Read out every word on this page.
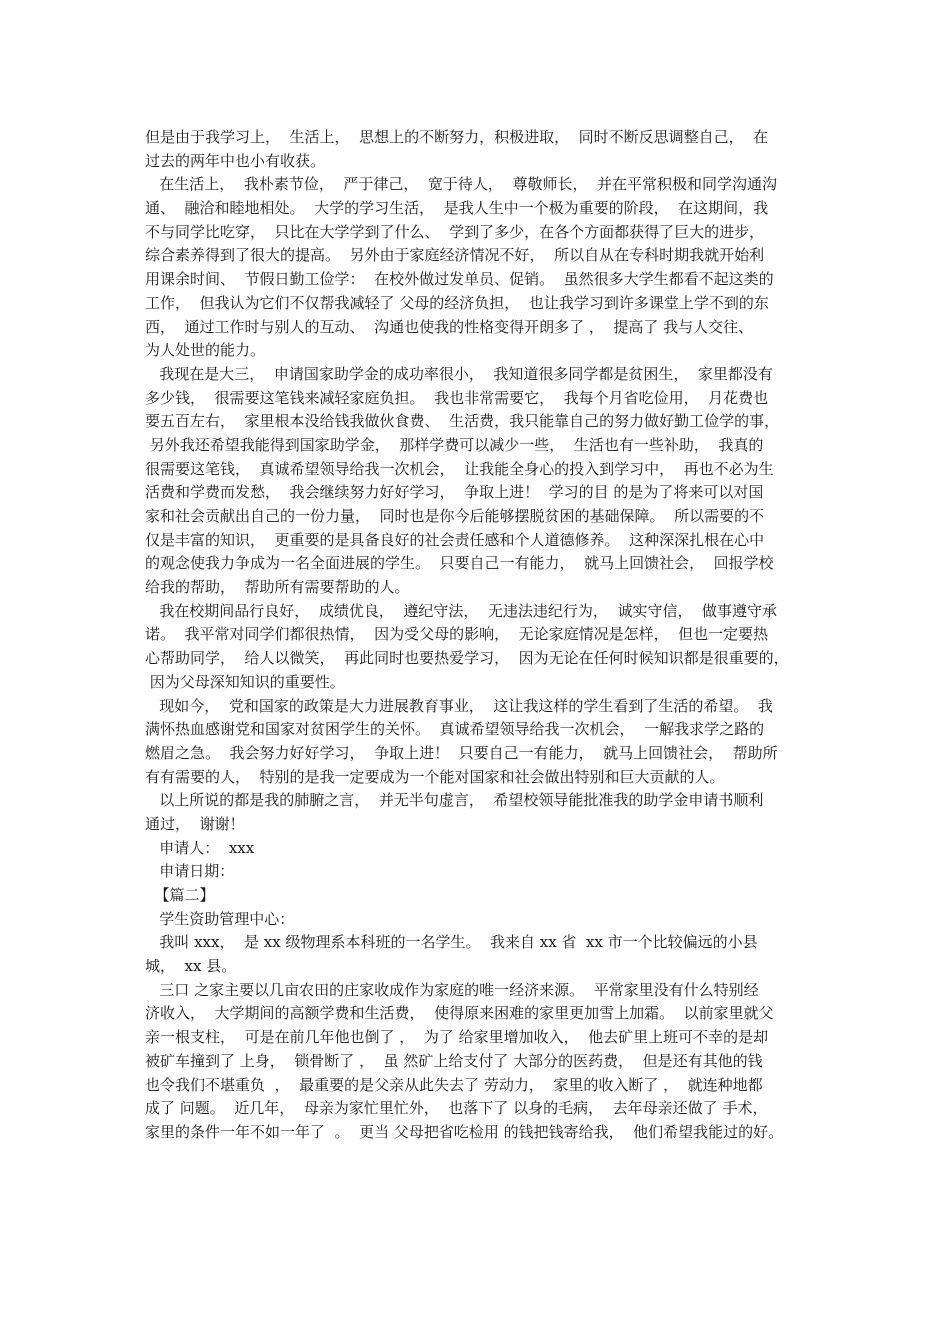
但是由于我学习上，  生活上，  思想上的不断努力，积极进取，  同时不断反思调整自己，  在
过去的两年中也小有收获。
在生活上，  我朴素节俭，  严于律己，  宽于待人，  尊敬师长，  并在平常积极和同学沟通沟
通、  融洽和睦地相处。  大学的学习生活，  是我人生中一个极为重要的阶段，  在这期间，我
不与同学比吃穿，  只比在大学学到了什么、  学到了多少，在各个方面都获得了巨大的进步，
综合素养得到了很大的提高。  另外由于家庭经济情况不好，  所以自从在专科时期我就开始利
用课余时间、  节假日勤工俭学：  在校外做过发单员、促销。  虽然很多大学生都看不起这类的
工作，  但我认为它们不仅帮我减轻了 父母的经济负担，  也让我学习到许多课堂上学不到的东
西，  通过工作时与别人的互动、  沟通也使我的性格变得开朗多了 ，  提高了 我与人交往、
为人处世的能力。
我现在是大三，  申请国家助学金的成功率很小，  我知道很多同学都是贫困生，  家里都没有
多少钱，  很需要这笔钱来减轻家庭负担。  我也非常需要它，  我每个月省吃俭用，  月花费也
要五百左右，  家里根本没给钱我做伙食费、  生活费，我只能靠自己的努力做好勤工俭学的事，
另外我还希望我能得到国家助学金，  那样学费可以减少一些，  生活也有一些补助，  我真的
很需要这笔钱，  真诚希望领导给我一次机会，  让我能全身心的投入到学习中，  再也不必为生
活费和学费而发愁，  我会继续努力好好学习，  争取上进！  学习的目 的是为了将来可以对国
家和社会贡献出自己的一份力量，  同时也是你今后能够摆脱贫困的基础保障。  所以需要的不
仅是丰富的知识，  更重要的是具备良好的社会责任感和个人道德修养。  这种深深扎根在心中
的观念使我力争成为一名全面进展的学生。  只要自己一有能力，  就马上回馈社会，  回报学校
给我的帮助，  帮助所有需要帮助的人。
我在校期间品行良好，  成绩优良，  遵纪守法，  无违法违纪行为，  诚实守信，  做事遵守承
诺。  我平常对同学们都很热情，  因为受父母的影响，  无论家庭情况是怎样，  但也一定要热
心帮助同学，  给人以微笑，  再此同时也要热爱学习，  因为无论在任何时候知识都是很重要的，
因为父母深知知识的重要性。
现如今，  党和国家的政策是大力进展教育事业，  这让我这样的学生看到了生活的希望。  我
满怀热血感谢党和国家对贫困学生的关怀。  真诚希望领导给我一次机会，  一解我求学之路的
燃眉之急。  我会努力好好学习，  争取上进！  只要自己一有能力，  就马上回馈社会，  帮助所
有有需要的人，  特别的是我一定要成为一个能对国家和社会做出特别和巨大贡献的人。
以上所说的都是我的肺腑之言，  并无半句虚言，  希望校领导能批准我的助学金申请书顺利
通过，  谢谢！
申请人：  xxx
申请日期：
【篇二】
学生资助管理中心：
我叫 xxx，  是 xx 级物理系本科班的一名学生。  我来自 xx 省  xx 市一个比较偏远的小县
城，  xx 县。
三口 之家主要以几亩农田的庄家收成作为家庭的唯一经济来源。  平常家里没有什么特别经
济收入，  大学期间的高额学费和生活费，  使得原来困难的家里更加雪上加霜。  以前家里就父
亲一根支柱，  可是在前几年他也倒了 ，  为了 给家里增加收入，  他去矿里上班可不幸的是却
被矿车撞到了 上身，  锁骨断了 ，  虽 然矿上给支付了 大部分的医药费，  但是还有其他的钱
也令我们不堪重负  ，  最重要的是父亲从此失去了 劳动力，  家里的收入断了 ，  就连种地都
成了 问题。  近几年，  母亲为家忙里忙外，  也落下了 以身的毛病，  去年母亲还做了 手术，
家里的条件一年不如一年了  。  更当 父母把省吃检用 的钱把钱寄给我，  他们希望我能过的好。
